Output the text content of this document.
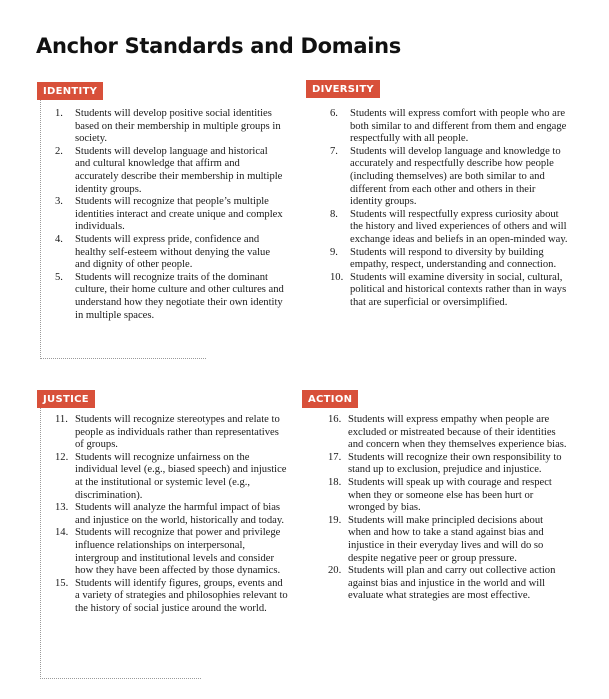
Anchor Standards and Domains
IDENTITY
1. Students will develop positive social identities based on their membership in multiple groups in society.
2. Students will develop language and historical and cultural knowledge that affirm and accurately describe their membership in multiple identity groups.
3. Students will recognize that people’s multiple identities interact and create unique and complex individuals.
4. Students will express pride, confidence and healthy self-esteem without denying the value and dignity of other people.
5. Students will recognize traits of the dominant culture, their home culture and other cultures and understand how they negotiate their own identity in multiple spaces.
DIVERSITY
6. Students will express comfort with people who are both similar to and different from them and engage respectfully with all people.
7. Students will develop language and knowledge to accurately and respectfully describe how people (including themselves) are both similar to and different from each other and others in their identity groups.
8. Students will respectfully express curiosity about the history and lived experiences of others and will exchange ideas and beliefs in an open-minded way.
9. Students will respond to diversity by building empathy, respect, understanding and connection.
10. Students will examine diversity in social, cultural, political and historical contexts rather than in ways that are superficial or oversimplified.
JUSTICE
11. Students will recognize stereotypes and relate to people as individuals rather than representatives of groups.
12. Students will recognize unfairness on the individual level (e.g., biased speech) and injustice at the institutional or systemic level (e.g., discrimination).
13. Students will analyze the harmful impact of bias and injustice on the world, historically and today.
14. Students will recognize that power and privilege influence relationships on interpersonal, intergroup and institutional levels and consider how they have been affected by those dynamics.
15. Students will identify figures, groups, events and a variety of strategies and philosophies relevant to the history of social justice around the world.
ACTION
16. Students will express empathy when people are excluded or mistreated because of their identities and concern when they themselves experience bias.
17. Students will recognize their own responsibility to stand up to exclusion, prejudice and injustice.
18. Students will speak up with courage and respect when they or someone else has been hurt or wronged by bias.
19. Students will make principled decisions about when and how to take a stand against bias and injustice in their everyday lives and will do so despite negative peer or group pressure.
20. Students will plan and carry out collective action against bias and injustice in the world and will evaluate what strategies are most effective.
